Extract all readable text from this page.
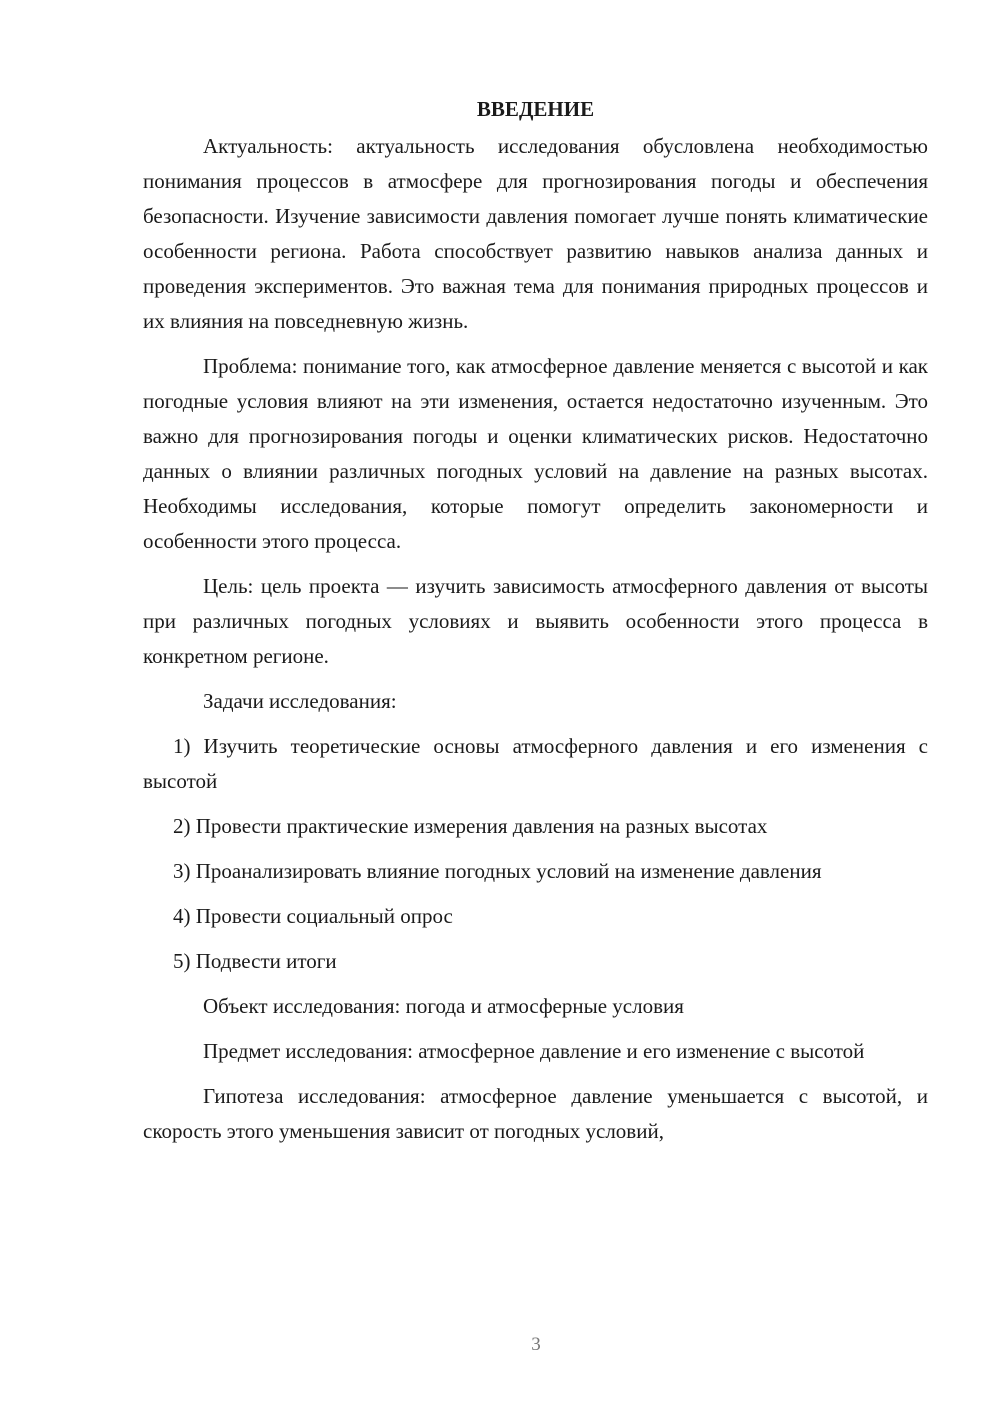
ВВЕДЕНИЕ

Актуальность: актуальность исследования обусловлена необходимостью понимания процессов в атмосфере для прогнозирования погоды и обеспечения безопасности. Изучение зависимости давления помогает лучше понять климатические особенности региона. Работа способствует развитию навыков анализа данных и проведения экспериментов. Это важная тема для понимания природных процессов и их влияния на повседневную жизнь.

Проблема: понимание того, как атмосферное давление меняется с высотой и как погодные условия влияют на эти изменения, остается недостаточно изученным. Это важно для прогнозирования погоды и оценки климатических рисков. Недостаточно данных о влиянии различных погодных условий на давление на разных высотах. Необходимы исследования, которые помогут определить закономерности и особенности этого процесса.

Цель: цель проекта — изучить зависимость атмосферного давления от высоты при различных погодных условиях и выявить особенности этого процесса в конкретном регионе.

Задачи исследования:

1) Изучить теоретические основы атмосферного давления и его изменения с высотой

2) Провести практические измерения давления на разных высотах

3) Проанализировать влияние погодных условий на изменение давления

4) Провести социальный опрос

5) Подвести итоги

Объект исследования: погода и атмосферные условия

Предмет исследования: атмосферное давление и его изменение с высотой

Гипотеза исследования: атмосферное давление уменьшается с высотой, и скорость этого уменьшения зависит от погодных условий,

3
